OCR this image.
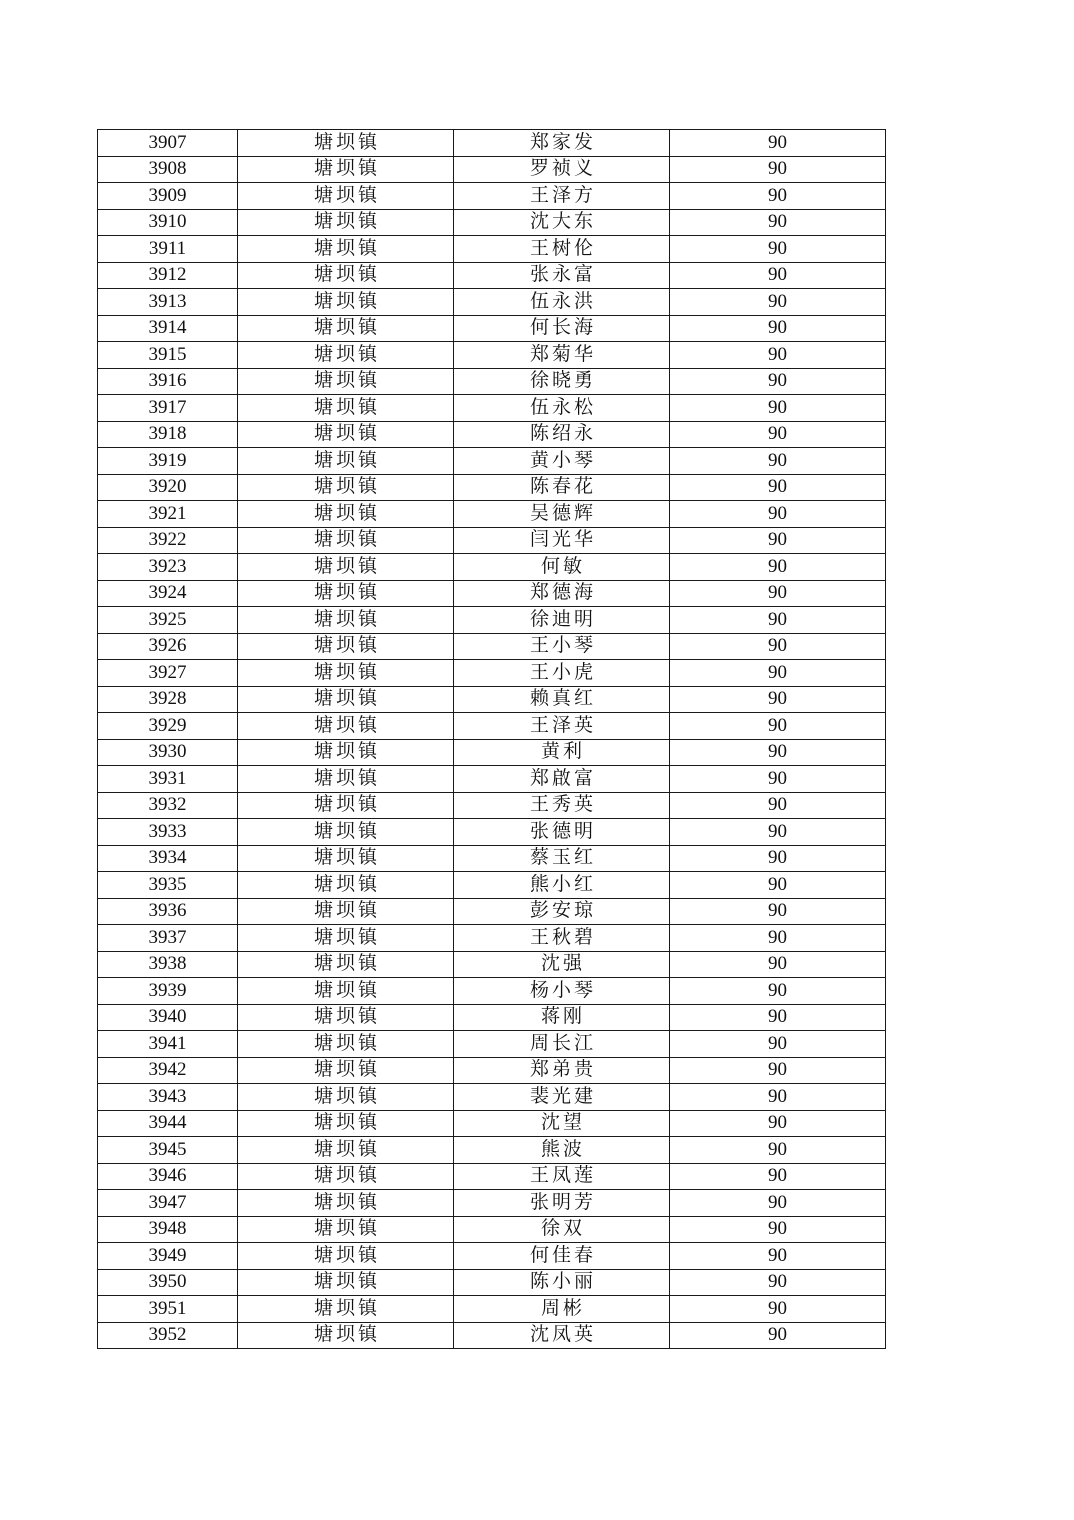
3907	塘坝镇	郑家发	90
3908	塘坝镇	罗祯义	90
3909	塘坝镇	王泽方	90
3910	塘坝镇	沈大东	90
3911	塘坝镇	王树伦	90
3912	塘坝镇	张永富	90
3913	塘坝镇	伍永洪	90
3914	塘坝镇	何长海	90
3915	塘坝镇	郑菊华	90
3916	塘坝镇	徐晓勇	90
3917	塘坝镇	伍永松	90
3918	塘坝镇	陈绍永	90
3919	塘坝镇	黄小琴	90
3920	塘坝镇	陈春花	90
3921	塘坝镇	吴德辉	90
3922	塘坝镇	闫光华	90
3923	塘坝镇	何敏	90
3924	塘坝镇	郑德海	90
3925	塘坝镇	徐迪明	90
3926	塘坝镇	王小琴	90
3927	塘坝镇	王小虎	90
3928	塘坝镇	赖真红	90
3929	塘坝镇	王泽英	90
3930	塘坝镇	黄利	90
3931	塘坝镇	郑啟富	90
3932	塘坝镇	王秀英	90
3933	塘坝镇	张德明	90
3934	塘坝镇	蔡玉红	90
3935	塘坝镇	熊小红	90
3936	塘坝镇	彭安琼	90
3937	塘坝镇	王秋碧	90
3938	塘坝镇	沈强	90
3939	塘坝镇	杨小琴	90
3940	塘坝镇	蒋刚	90
3941	塘坝镇	周长江	90
3942	塘坝镇	郑弟贵	90
3943	塘坝镇	裴光建	90
3944	塘坝镇	沈望	90
3945	塘坝镇	熊波	90
3946	塘坝镇	王凤莲	90
3947	塘坝镇	张明芳	90
3948	塘坝镇	徐双	90
3949	塘坝镇	何佳春	90
3950	塘坝镇	陈小丽	90
3951	塘坝镇	周彬	90
3952	塘坝镇	沈凤英	90
